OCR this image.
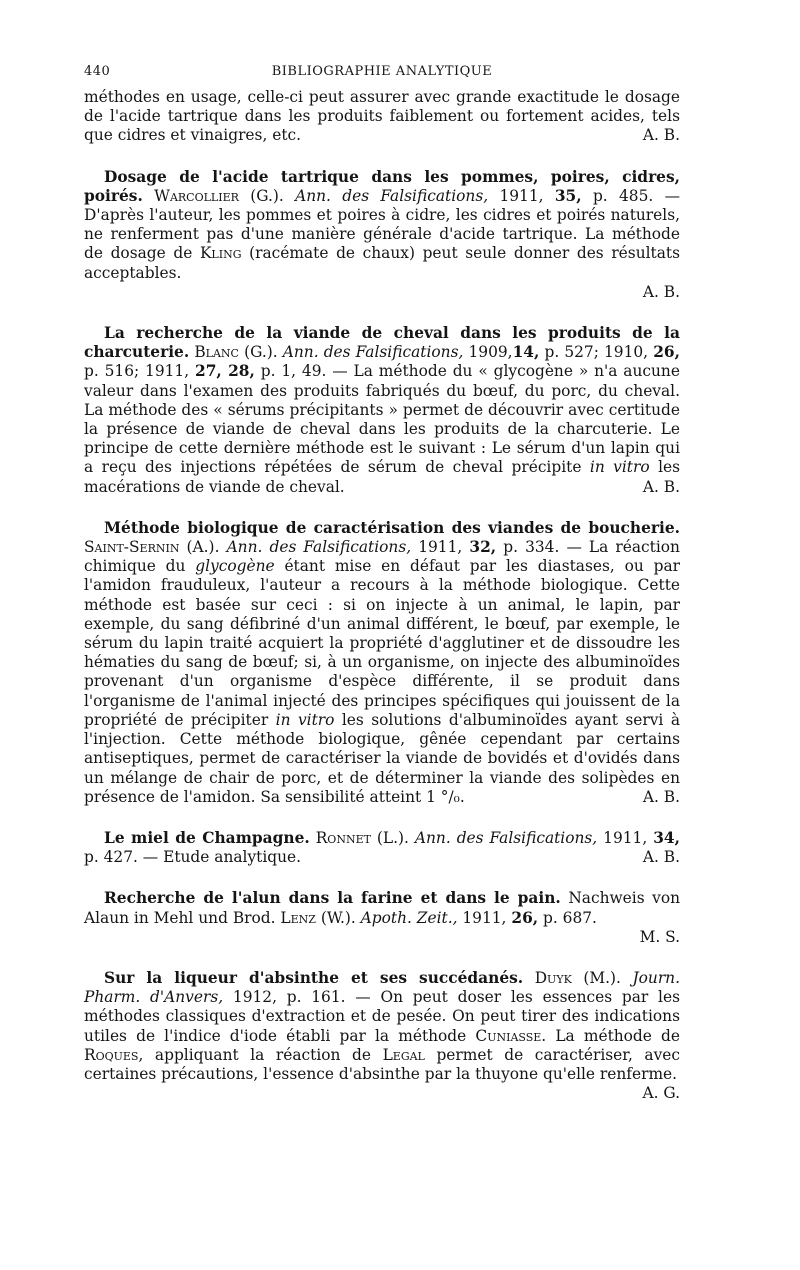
440	BIBLIOGRAPHIE ANALYTIQUE

méthodes en usage, celle-ci peut assurer avec grande exactitude le dosage de l'acide tartrique dans les produits faiblement ou fortement acides, tels que cidres et vinaigres, etc.	A. B.

Dosage de l'acide tartrique dans les pommes, poires, cidres, poirés. Warcollier (G.). Ann. des Falsifications, 1911, 35, p. 485. — D'après l'auteur, les pommes et poires à cidre, les cidres et poirés naturels, ne renferment pas d'une manière générale d'acide tartrique. La méthode de dosage de Kling (racémate de chaux) peut seule donner des résultats acceptables.

A. B.

La recherche de la viande de cheval dans les produits de la charcuterie. Blanc (G.). Ann. des Falsifications, 1909,14, p. 527; 1910, 26, p. 516; 1911, 27, 28, p. 1, 49. — La méthode du « glycogène » n'a aucune valeur dans l'examen des produits fabriqués du bœuf, du porc, du cheval. La méthode des « sérums précipitants » permet de découvrir avec certitude la présence de viande de cheval dans les produits de la charcuterie. Le principe de cette dernière méthode est le suivant : Le sérum d'un lapin qui a reçu des injections répétées de sérum de cheval précipite in vitro les macérations de viande de cheval.	A. B.

Méthode biologique de caractérisation des viandes de boucherie. Saint-Sernin (A.). Ann. des Falsifications, 1911, 32, p. 334. — La réaction chimique du glycogène étant mise en défaut par les diastases, ou par l'amidon frauduleux, l'auteur a recours à la méthode biologique. Cette méthode est basée sur ceci : si on injecte à un animal, le lapin, par exemple, du sang défibriné d'un animal différent, le bœuf, par exemple, le sérum du lapin traité acquiert la propriété d'agglutiner et de dissoudre les hématies du sang de bœuf; si, à un organisme, on injecte des albuminoïdes provenant d'un organisme d'espèce différente, il se produit dans l'organisme de l'animal injecté des principes spécifiques qui jouissent de la propriété de précipiter in vitro les solutions d'albuminoïdes ayant servi à l'injection. Cette méthode biologique, gênée cependant par certains antiseptiques, permet de caractériser la viande de bovidés et d'ovidés dans un mélange de chair de porc, et de déterminer la viande des solipèdes en présence de l'amidon. Sa sensibilité atteint 1 °/₀.	A. B.

Le miel de Champagne. Ronnet (L.). Ann. des Falsifications, 1911, 34, p. 427. — Etude analytique.	A. B.

Recherche de l'alun dans la farine et dans le pain. Nachweis von Alaun in Mehl und Brod. Lenz (W.). Apoth. Zeit., 1911, 26, p. 687.

M. S.

Sur la liqueur d'absinthe et ses succédanés. Duyk (M.). Journ. Pharm. d'Anvers, 1912, p. 161. — On peut doser les essences par les méthodes classiques d'extraction et de pesée. On peut tirer des indications utiles de l'indice d'iode établi par la méthode Cuniasse. La méthode de Roques, appliquant la réaction de Legal permet de caractériser, avec certaines précautions, l'essence d'absinthe par la thuyone qu'elle renferme.

A. G.
